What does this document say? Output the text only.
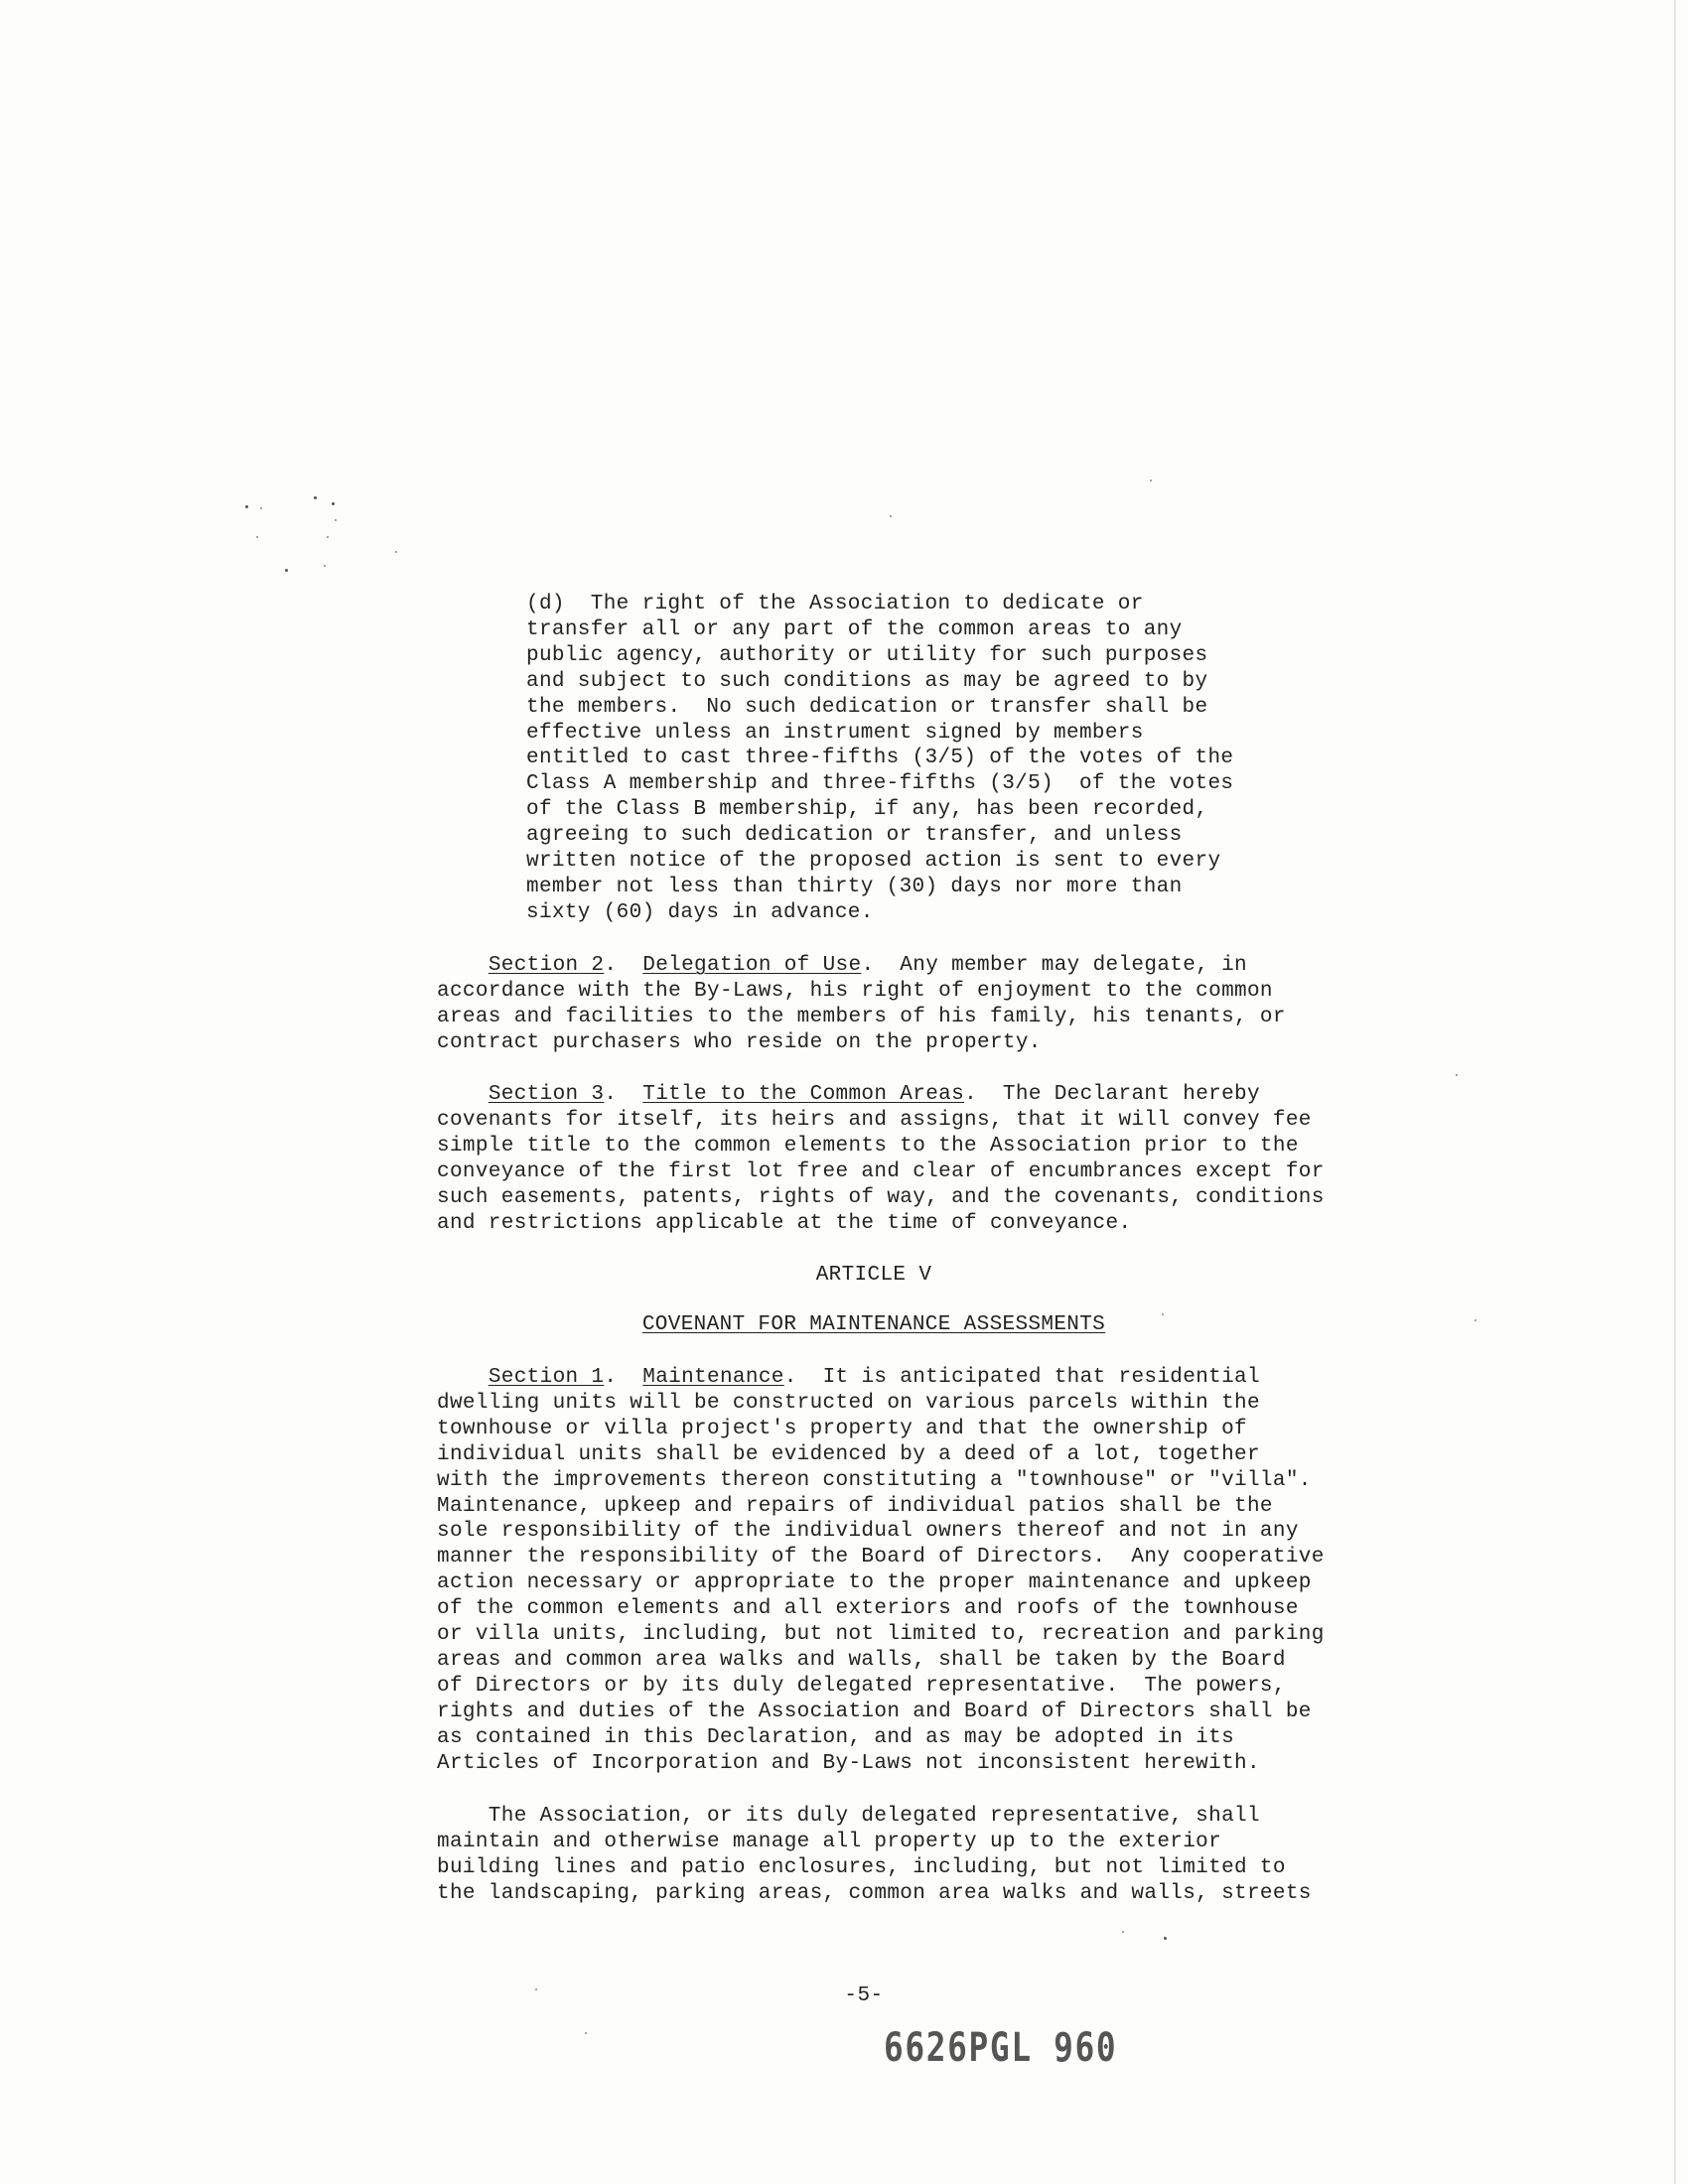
(d)  The right of the Association to dedicate or
transfer all or any part of the common areas to any
public agency, authority or utility for such purposes
and subject to such conditions as may be agreed to by
the members.  No such dedication or transfer shall be
effective unless an instrument signed by members
entitled to cast three-fifths (3/5) of the votes of the
Class A membership and three-fifths (3/5)  of the votes
of the Class B membership, if any, has been recorded,
agreeing to such dedication or transfer, and unless
written notice of the proposed action is sent to every
member not less than thirty (30) days nor more than
sixty (60) days in advance.
Section 2.  Delegation of Use.  Any member may delegate, in
accordance with the By-Laws, his right of enjoyment to the common
areas and facilities to the members of his family, his tenants, or
contract purchasers who reside on the property.
Section 3.  Title to the Common Areas.  The Declarant hereby
covenants for itself, its heirs and assigns, that it will convey fee
simple title to the common elements to the Association prior to the
conveyance of the first lot free and clear of encumbrances except for
such easements, patents, rights of way, and the covenants, conditions
and restrictions applicable at the time of conveyance.
ARTICLE V
COVENANT FOR MAINTENANCE ASSESSMENTS
Section 1.  Maintenance.  It is anticipated that residential
dwelling units will be constructed on various parcels within the
townhouse or villa project's property and that the ownership of
individual units shall be evidenced by a deed of a lot, together
with the improvements thereon constituting a "townhouse" or "villa".
Maintenance, upkeep and repairs of individual patios shall be the
sole responsibility of the individual owners thereof and not in any
manner the responsibility of the Board of Directors.  Any cooperative
action necessary or appropriate to the proper maintenance and upkeep
of the common elements and all exteriors and roofs of the townhouse
or villa units, including, but not limited to, recreation and parking
areas and common area walks and walls, shall be taken by the Board
of Directors or by its duly delegated representative.  The powers,
rights and duties of the Association and Board of Directors shall be
as contained in this Declaration, and as may be adopted in its
Articles of Incorporation and By-Laws not inconsistent herewith.
The Association, or its duly delegated representative, shall
maintain and otherwise manage all property up to the exterior
building lines and patio enclosures, including, but not limited to
the landscaping, parking areas, common area walks and walls, streets
-5-
6626PGL 960
